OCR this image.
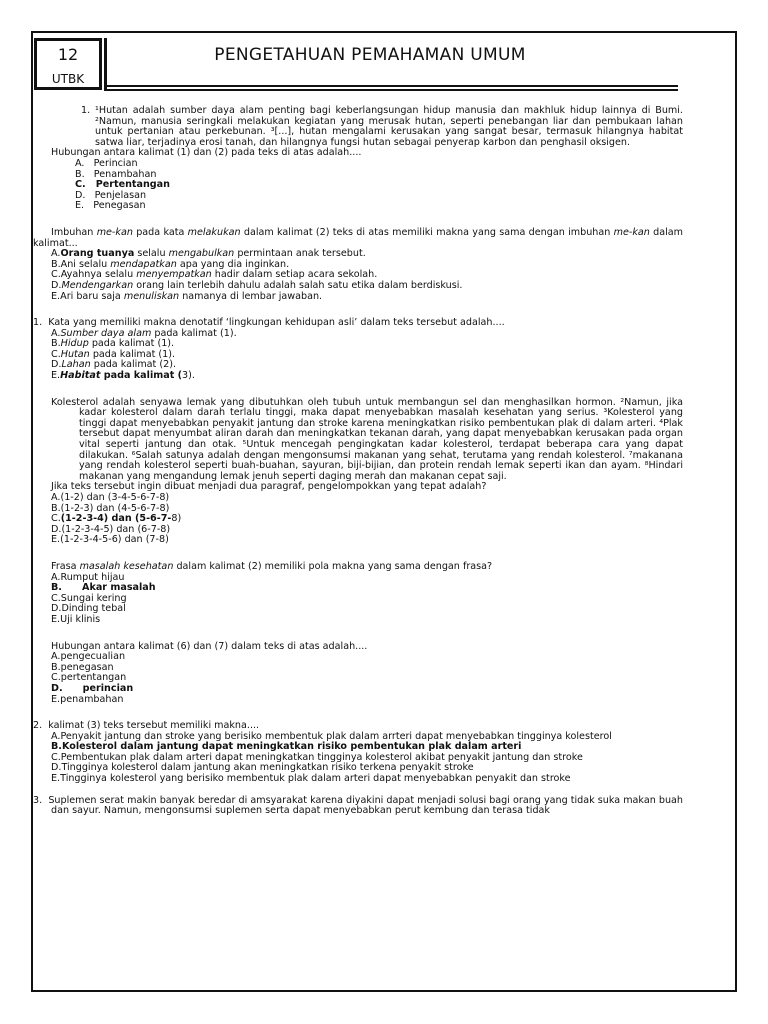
12
UTBK
PENGETAHUAN PEMAHAMAN UMUM

1. ¹Hutan adalah sumber daya alam penting bagi keberlangsungan hidup manusia dan makhluk hidup lainnya di Bumi. ²Namun, manusia seringkali melakukan kegiatan yang merusak hutan, seperti penebangan liar dan pembukaan lahan untuk pertanian atau perkebunan. ³[...], hutan mengalami kerusakan yang sangat besar, termasuk hilangnya habitat satwa liar, terjadinya erosi tanah, dan hilangnya fungsi hutan sebagai penyerap karbon dan penghasil oksigen.

Hubungan antara kalimat (1) dan (2) pada teks di atas adalah....

A. Perincian

B. Penambahan

C. Pertentangan

D. Penjelasan

E. Penegasan

Imbuhan me-kan pada kata melakukan dalam kalimat (2) teks di atas memiliki makna yang sama dengan imbuhan me-kan dalam kalimat...

A.Orang tuanya selalu mengabulkan permintaan anak tersebut.

B.Ani selalu mendapatkan apa yang dia inginkan.

C.Ayahnya selalu menyempatkan hadir dalam setiap acara sekolah.

D.Mendengarkan orang lain terlebih dahulu adalah salah satu etika dalam berdiskusi.

E.Ari baru saja menuliskan namanya di lembar jawaban.

1. Kata yang memiliki makna denotatif ‘lingkungan kehidupan asli’ dalam teks tersebut adalah....

A.Sumber daya alam pada kalimat (1).

B.Hidup pada kalimat (1).

C.Hutan pada kalimat (1).

D.Lahan pada kalimat (2).

E.Habitat pada kalimat (3).

Kolesterol adalah senyawa lemak yang dibutuhkan oleh tubuh untuk membangun sel dan menghasilkan hormon. ²Namun, jika kadar kolesterol dalam darah terlalu tinggi, maka dapat menyebabkan masalah kesehatan yang serius. ³Kolesterol yang tinggi dapat menyebabkan penyakit jantung dan stroke karena meningkatkan risiko pembentukan plak di dalam arteri. ⁴Plak tersebut dapat menyumbat aliran darah dan meningkatkan tekanan darah, yang dapat menyebabkan kerusakan pada organ vital seperti jantung dan otak. ⁵Untuk mencegah pengingkatan kadar kolesterol, terdapat beberapa cara yang dapat dilakukan. ⁶Salah satunya adalah dengan mengonsumsi makanan yang sehat, terutama yang rendah kolesterol. ⁷makanana yang rendah kolesterol seperti buah-buahan, sayuran, biji-bijian, dan protein rendah lemak seperti ikan dan ayam. ⁸Hindari makanan yang mengandung lemak jenuh seperti daging merah dan makanan cepat saji.

Jika teks tersebut ingin dibuat menjadi dua paragraf, pengelompokkan yang tepat adalah?

A.(1-2) dan (3-4-5-6-7-8)

B.(1-2-3) dan (4-5-6-7-8)

C.(1-2-3-4) dan (5-6-7-8)

D.(1-2-3-4-5) dan (6-7-8)

E.(1-2-3-4-5-6) dan (7-8)

Frasa masalah kesehatan dalam kalimat (2) memiliki pola makna yang sama dengan frasa?

A.Rumput hijau

B. Akar masalah

C.Sungai kering

D.Dinding tebal

E.Uji klinis

Hubungan antara kalimat (6) dan (7) dalam teks di atas adalah....

A.pengecualian

B.penegasan

C.pertentangan

D. perincian

E.penambahan

2. kalimat (3) teks tersebut memiliki makna....

A.Penyakit jantung dan stroke yang berisiko membentuk plak dalam arrteri dapat menyebabkan tingginya kolesterol

B.Kolesterol dalam jantung dapat meningkatkan risiko pembentukan plak dalam arteri

C.Pembentukan plak dalam arteri dapat meningkatkan tingginya kolesterol akibat penyakit jantung dan stroke

D.Tingginya kolesterol dalam jantung akan meningkatkan risiko terkena penyakit stroke

E.Tingginya kolesterol yang berisiko membentuk plak dalam arteri dapat menyebabkan penyakit dan stroke

3. Suplemen serat makin banyak beredar di amsyarakat karena diyakini dapat menjadi solusi bagi orang yang tidak suka makan buah dan sayur. Namun, mengonsumsi suplemen serta dapat menyebabkan perut kembung dan terasa tidak
